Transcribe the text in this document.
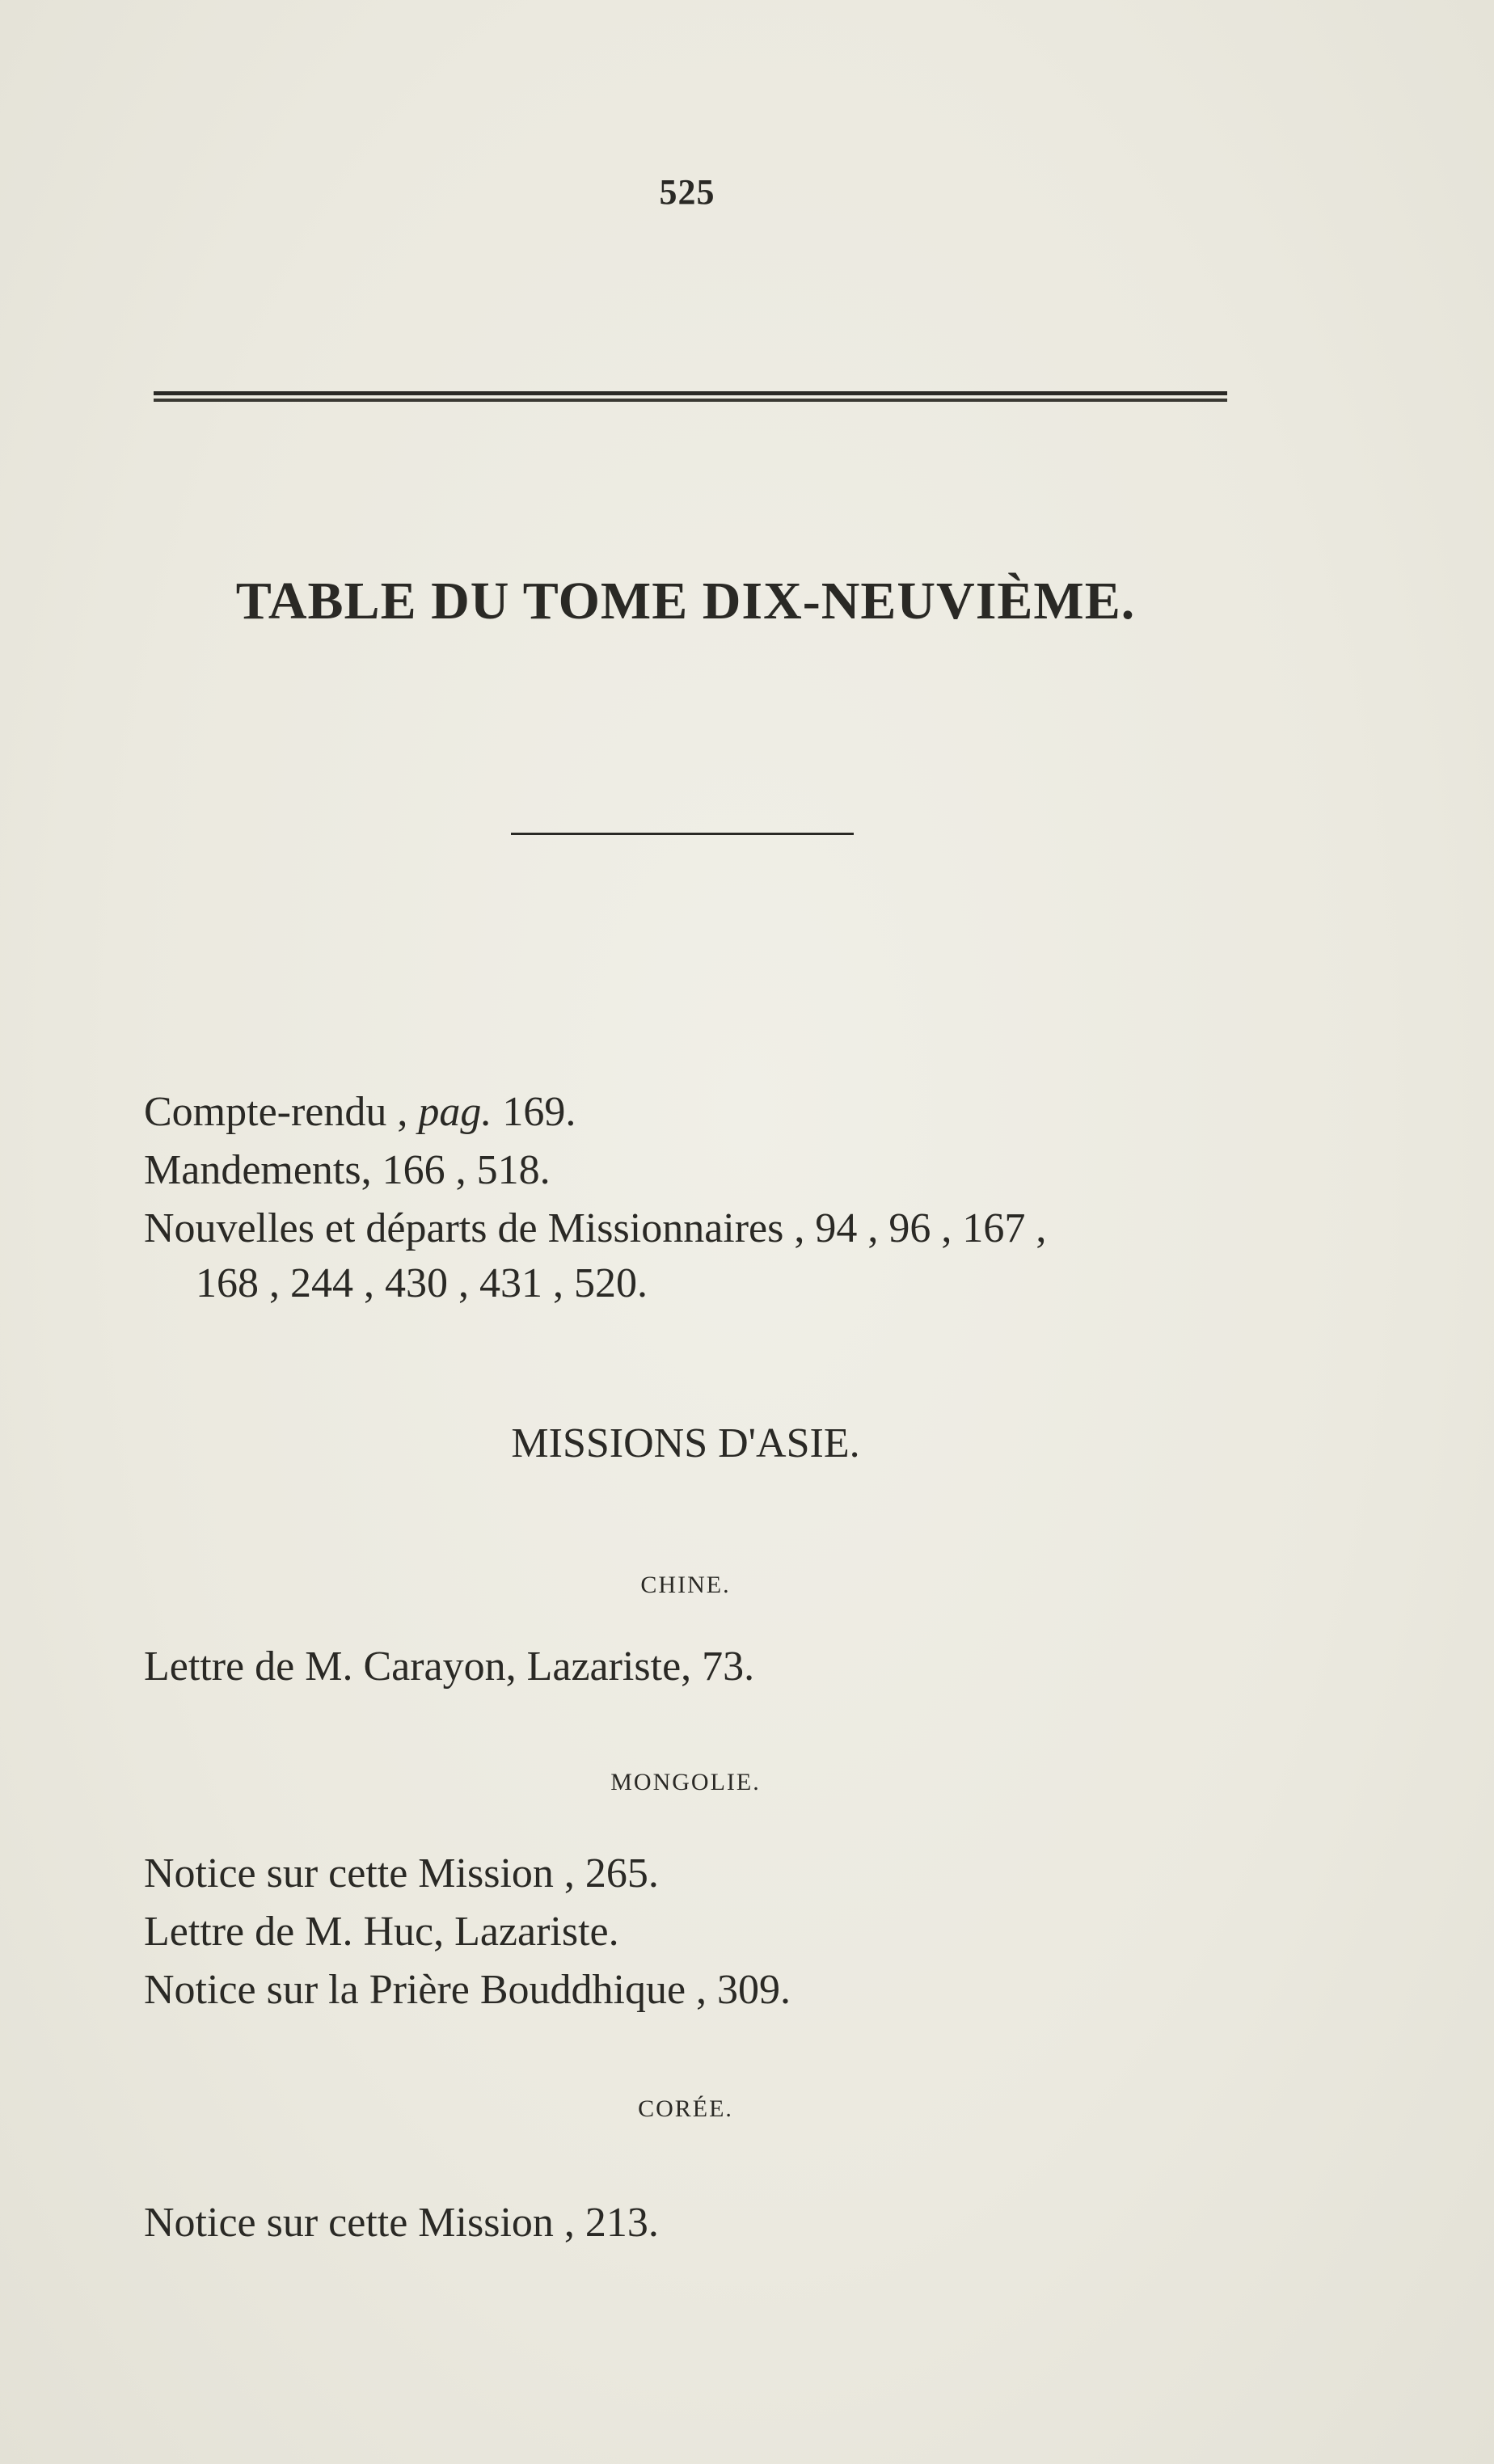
525
TABLE DU TOME DIX-NEUVIÈME.
Compte-rendu , pag. 169.
Mandements, 166 , 518.
Nouvelles et départs de Missionnaires , 94 , 96 , 167 ,
168 , 244 , 430 , 431 , 520.
MISSIONS D'ASIE.
CHINE.
Lettre de M. Carayon, Lazariste, 73.
MONGOLIE.
Notice sur cette Mission , 265.
Lettre de M. Huc, Lazariste.
Notice sur la Prière Bouddhique , 309.
CORÉE.
Notice sur cette Mission , 213.
